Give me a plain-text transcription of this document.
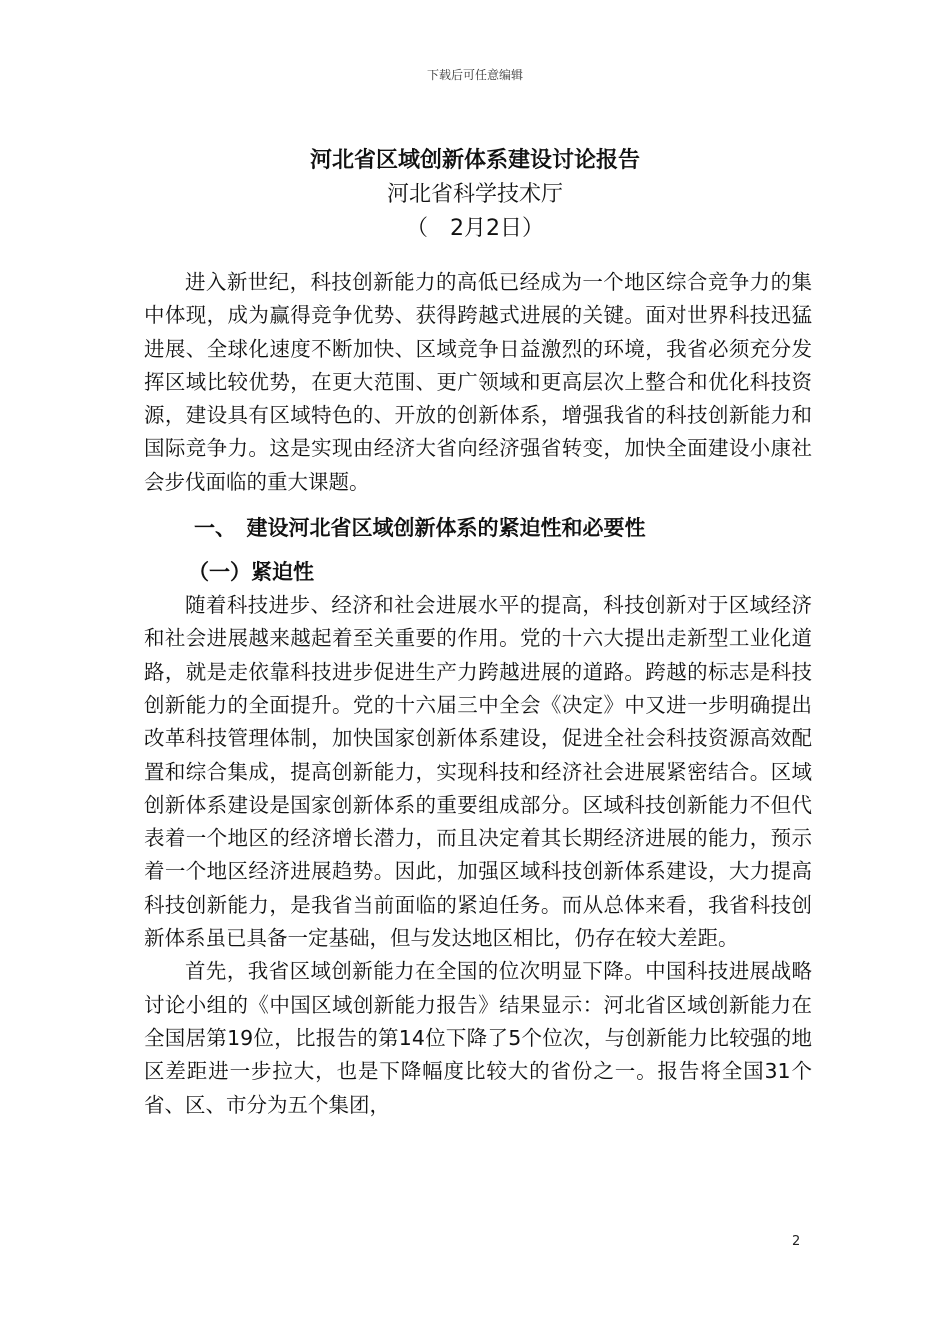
下载后可任意编辑

河北省区域创新体系建设讨论报告

河北省科学技术厅

（　2月2日）

进入新世纪，科技创新能力的高低已经成为一个地区综合竞争力的集中体现，成为赢得竞争优势、获得跨越式进展的关键。面对世界科技迅猛进展、全球化速度不断加快、区域竞争日益激烈的环境，我省必须充分发挥区域比较优势，在更大范围、更广领域和更高层次上整合和优化科技资源，建设具有区域特色的、开放的创新体系，增强我省的科技创新能力和国际竞争力。这是实现由经济大省向经济强省转变，加快全面建设小康社会步伐面临的重大课题。

一、　建设河北省区域创新体系的紧迫性和必要性

（一）紧迫性

随着科技进步、经济和社会进展水平的提高，科技创新对于区域经济和社会进展越来越起着至关重要的作用。党的十六大提出走新型工业化道路，就是走依靠科技进步促进生产力跨越进展的道路。跨越的标志是科技创新能力的全面提升。党的十六届三中全会《决定》中又进一步明确提出改革科技管理体制，加快国家创新体系建设，促进全社会科技资源高效配置和综合集成，提高创新能力，实现科技和经济社会进展紧密结合。区域创新体系建设是国家创新体系的重要组成部分。区域科技创新能力不但代表着一个地区的经济增长潜力，而且决定着其长期经济进展的能力，预示着一个地区经济进展趋势。因此，加强区域科技创新体系建设，大力提高科技创新能力，是我省当前面临的紧迫任务。而从总体来看，我省科技创新体系虽已具备一定基础，但与发达地区相比，仍存在较大差距。

首先，我省区域创新能力在全国的位次明显下降。中国科技进展战略讨论小组的《中国区域创新能力报告》结果显示：河北省区域创新能力在全国居第19位，比报告的第14位下降了5个位次，与创新能力比较强的地区差距进一步拉大，也是下降幅度比较大的省份之一。报告将全国31个省、区、市分为五个集团，

2
